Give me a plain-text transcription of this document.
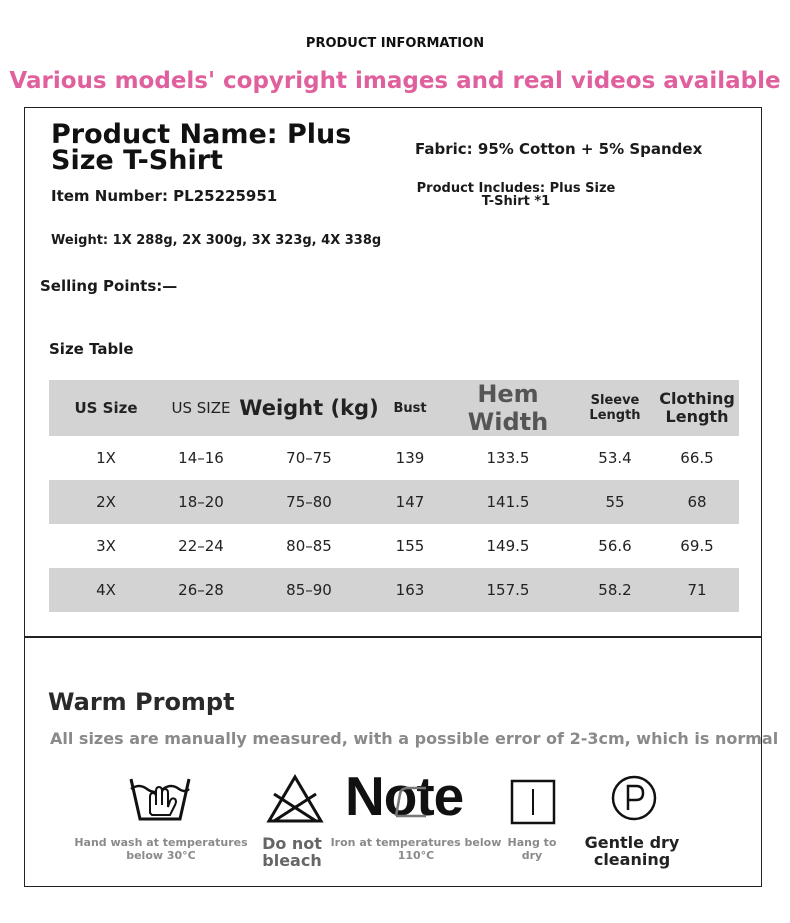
PRODUCT INFORMATION
Various models' copyright images and real videos available
Product Name: Plus Size T-Shirt	Fabric: 95% Cotton + 5% Spandex
Item Number: PL25225951	Product Includes: Plus Size T-Shirt *1
Weight: 1X 288g, 2X 300g, 3X 323g, 4X 338g
Selling Points:—
Size Table
US Size	US SIZE	Weight (kg)	Bust	Hem Width	Sleeve Length	Clothing Length
1X	14–16	70–75	139	133.5	53.4	66.5
2X	18–20	75–80	147	141.5	55	68
3X	22–24	80–85	155	149.5	56.6	69.5
4X	26–28	85–90	163	157.5	58.2	71
Warm Prompt
All sizes are manually measured, with a possible error of 2-3cm, which is normal
Note
Hand wash at temperatures below 30°C
Do not bleach
Iron at temperatures below 110°C
Hang to dry
Gentle dry cleaning
